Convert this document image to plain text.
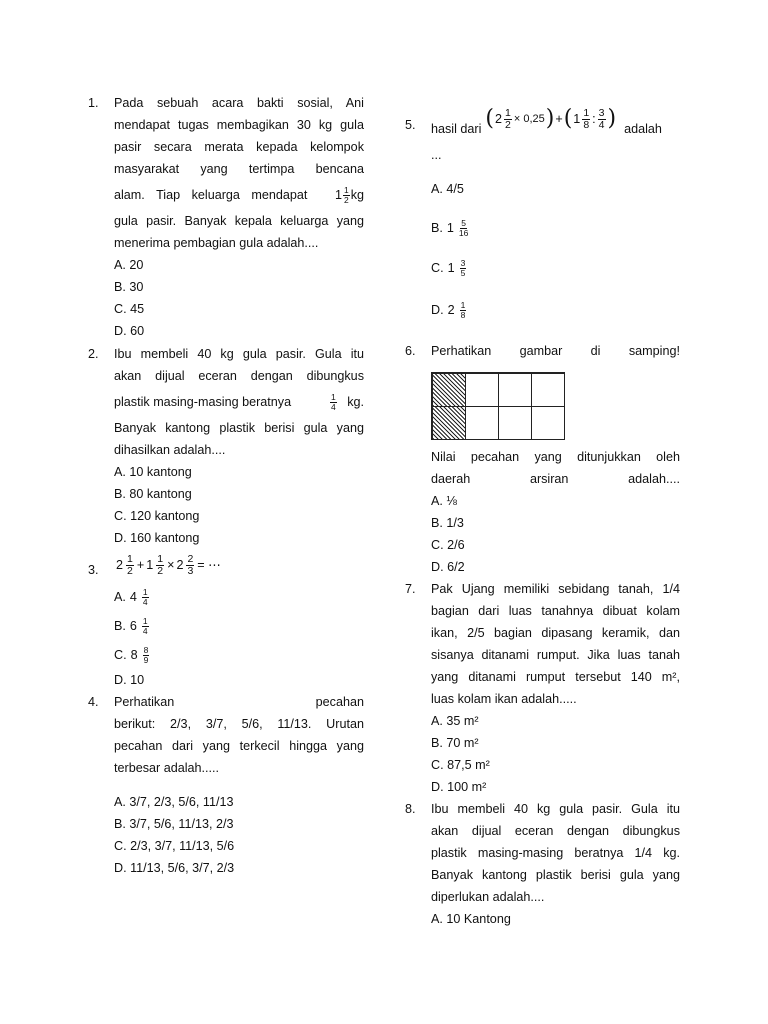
1. Pada sebuah acara bakti sosial, Ani
mendapat tugas membagikan 30 kg gula
pasir secara merata kepada kelompok
masyarakat yang tertimpa bencana
alam. Tiap keluarga mendapat $1 \frac{1}{2}$ kg
gula pasir. Banyak kepala keluarga yang
menerima pembagian gula adalah....
A. 20
B. 30
C. 45
D. 60
2. Ibu membeli 40 kg gula pasir. Gula itu
akan dijual eceran dengan dibungkus
plastik masing-masing beratnya	$\frac{1}{4}$ kg.
Banyak kantong plastik berisi gula yang
dihasilkan adalah....
A. 10 kantong
B. 80 kantong
C. 120 kantong
D. 160 kantong
3. $2 \frac{1}{2} + 1 \frac{1}{2} \times 2 \frac{2}{3}$ = ⋯
A. $4 \frac{1}{4}$
B. $6 \frac{1}{4}$
C. $8 \frac{8}{9}$
D. 10
4. Perhatikan	pecahan
berikut: 2/3, 3/7, 5/6, 11/13. Urutan
pecahan dari yang terkecil hingga yang
terbesar adalah.....
A. 3/7, 2/3, 5/6, 11/13
B. 3/7, 5/6, 11/13, 2/3
C. 2/3, 3/7, 11/13, 5/6
D. 11/13, 5/6, 3/7, 2/3
5. hasil dari ( $2 \frac{1}{2} \times 0,25$ ) + ( $1 \frac{1}{8}$ : $\frac{3}{4}$ ) adalah
...
A. 4/5
B. $1 \frac{5}{16}$
C. $1 \frac{3}{5}$
D. $2 \frac{1}{8}$
6. Perhatikan gambar di samping!
Nilai pecahan yang ditunjukkan oleh
daerah	arsiran	adalah....
A. ⅛
B. 1/3
C. 2/6
D. 6/2
7. Pak Ujang memiliki sebidang tanah, 1/4
bagian dari luas tanahnya dibuat kolam
ikan, 2/5 bagian dipasang keramik, dan
sisanya ditanami rumput. Jika luas tanah
yang ditanami rumput tersebut 140 m²,
luas kolam ikan adalah.....
A. 35 m²
B. 70 m²
C. 87,5 m²
D. 100 m²
8. Ibu membeli 40 kg gula pasir. Gula itu
akan dijual eceran dengan dibungkus
plastik masing-masing beratnya 1/4 kg.
Banyak kantong plastik berisi gula yang
diperlukan adalah....
A. 10 Kantong
